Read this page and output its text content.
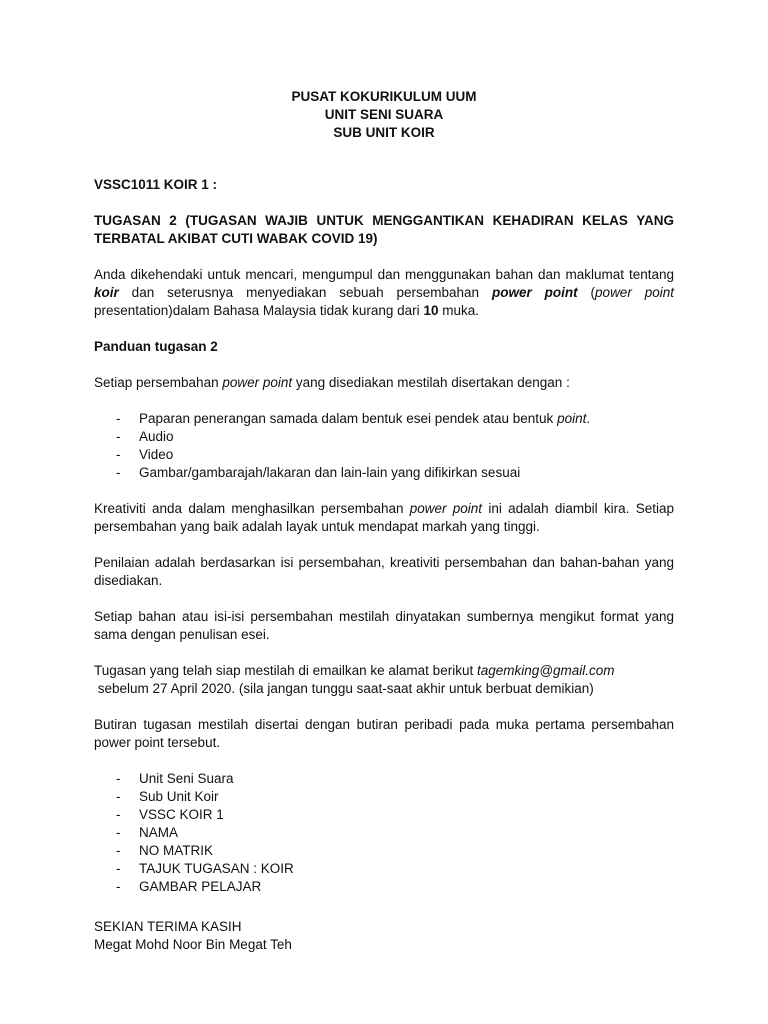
PUSAT KOKURIKULUM UUM
UNIT SENI SUARA
SUB UNIT KOIR

VSSC1011 KOIR 1 :

TUGASAN 2 (TUGASAN WAJIB UNTUK MENGGANTIKAN KEHADIRAN KELAS YANG TERBATAL AKIBAT CUTI WABAK COVID 19)

Anda dikehendaki untuk mencari, mengumpul dan menggunakan bahan dan maklumat tentang koir dan seterusnya menyediakan sebuah persembahan power point (power point presentation)dalam Bahasa Malaysia tidak kurang dari 10 muka.

Panduan tugasan 2

Setiap persembahan power point yang disediakan mestilah disertakan dengan :

- Paparan penerangan samada dalam bentuk esei pendek atau bentuk point.
- Audio
- Video
- Gambar/gambarajah/lakaran dan lain-lain yang difikirkan sesuai

Kreativiti anda dalam menghasilkan persembahan power point ini adalah diambil kira. Setiap persembahan yang baik adalah layak untuk mendapat markah yang tinggi.

Penilaian adalah berdasarkan isi persembahan, kreativiti persembahan dan bahan-bahan yang disediakan.

Setiap bahan atau isi-isi persembahan mestilah dinyatakan sumbernya mengikut format yang sama dengan penulisan esei.

Tugasan yang telah siap mestilah di emailkan ke alamat berikut tagemking@gmail.com
sebelum 27 April 2020. (sila jangan tunggu saat-saat akhir untuk berbuat demikian)

Butiran tugasan mestilah disertai dengan butiran peribadi pada muka pertama persembahan power point tersebut.

- Unit Seni Suara
- Sub Unit Koir
- VSSC KOIR 1
- NAMA
- NO MATRIK
- TAJUK TUGASAN : KOIR
- GAMBAR PELAJAR

SEKIAN TERIMA KASIH

Megat Mohd Noor Bin Megat Teh
